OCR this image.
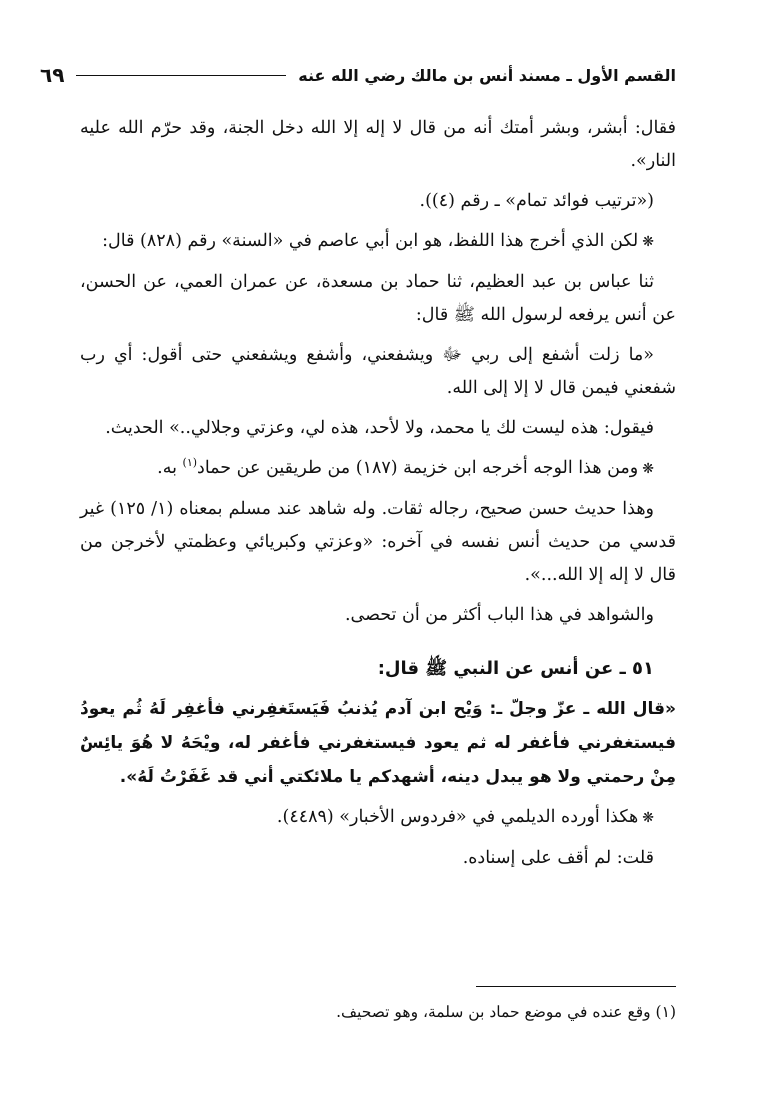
القسم الأول ـ مسند أنس بن مالك رضي الله عنه
٦٩

فقال: أبشر، وبشر أمتك أنه من قال لا إله إلا الله دخل الجنة، وقد حرّم الله عليه النار».

(«ترتيب فوائد تمام» ـ رقم (٤)).

❋لكن الذي أخرج هذا اللفظ، هو ابن أبي عاصم في «السنة» رقم (٨٢٨) قال:

ثنا عباس بن عبد العظيم، ثنا حماد بن مسعدة، عن عمران العمي، عن الحسن، عن أنس يرفعه لرسول الله ﷺ قال:

«ما زلت أشفع إلى ربي ﷻ ويشفعني، وأشفع ويشفعني حتى أقول: أي رب شفعني فيمن قال لا إلا إلى الله.

فيقول: هذه ليست لك يا محمد، ولا لأحد، هذه لي، وعزتي وجلالي..» الحديث.

❋ومن هذا الوجه أخرجه ابن خزيمة (١٨٧) من طريقين عن حماد$^{(١)}$ به.

وهذا حديث حسن صحيح، رجاله ثقات. وله شاهد عند مسلم بمعناه (١/ ١٢٥) غير قدسي من حديث أنس نفسه في آخره: «وعزتي وكبريائي وعظمتي لأخرجن من قال لا إله إلا الله...».

والشواهد في هذا الباب أكثر من أن تحصى.

٥١ ـ عن أنس عن النبي ﷺ قال:

«قال الله ـ عزّ وجلّ ـ: وَيْح ابن آدم يُذنبُ فَيَستَغفِرني فأغفِر لَهُ ثُم يعودُ فيستغفرني فأغفر له ثم يعود فيستغفرني فأغفر له، ويْحَهُ لا هُوَ يائِسٌ مِنْ رحمتي ولا هو يبدل دينه، أشهدكم يا ملائكتي أني قد غَفَرْتُ لَهُ».

❋هكذا أورده الديلمي في «فردوس الأخبار» (٤٤٨٩).

قلت: لم أقف على إسناده.

(١) وقع عنده في موضع حماد بن سلمة، وهو تصحيف.
